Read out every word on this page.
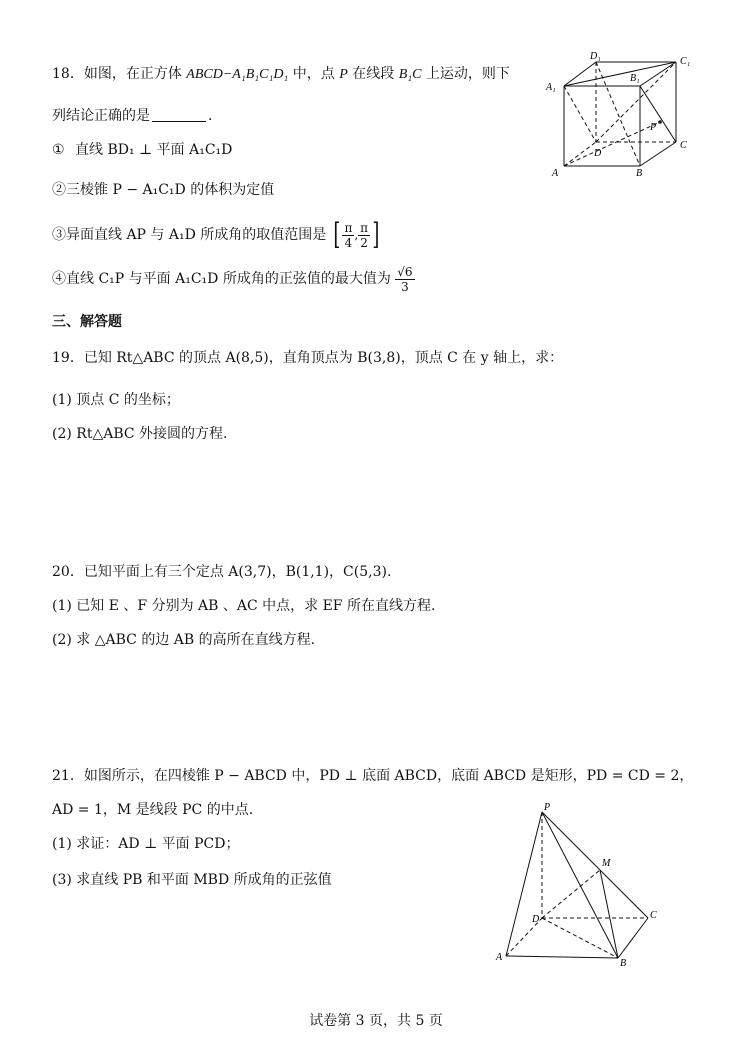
18．如图，在正方体 ABCD−A₁B₁C₁D₁ 中，点 P 在线段 B₁C 上运动，则下
列结论正确的是	.
① 直线 BD₁ ⊥ 平面 A₁C₁D
②三棱锥 P − A₁C₁D 的体积为定值
③异面直线 AP 与 A₁D 所成角的取值范围是 [ $\frac{\pi}{4}$ , $\frac{\pi}{2}$ ]
④直线 C₁P 与平面 A₁C₁D 所成角的正弦值的最大值为 $\frac{√6}{3}$
D₁	C₁
A₁
B₁
P
D
C
A	B
三、解答题
19．已知 Rt△ABC 的顶点 A(8,5)，直角顶点为 B(3,8)，顶点 C 在 y 轴上，求：
(1) 顶点 C 的坐标；
(2) Rt△ABC 外接圆的方程.
20．已知平面上有三个定点 A(3,7)，B(1,1)，C(5,3).
(1) 已知 E 、F 分别为 AB 、AC 中点，求 EF 所在直线方程.
(2) 求 △ABC 的边 AB 的高所在直线方程.
21．如图所示，在四棱锥 P − ABCD 中，PD ⊥ 底面 ABCD，底面 ABCD 是矩形，PD = CD = 2，
AD = 1，M 是线段 PC 的中点.
(1) 求证：AD ⊥ 平面 PCD；
(3) 求直线 PB 和平面 MBD 所成角的正弦值
P
M
D	C
A
B
试卷第 3 页，共 5 页
